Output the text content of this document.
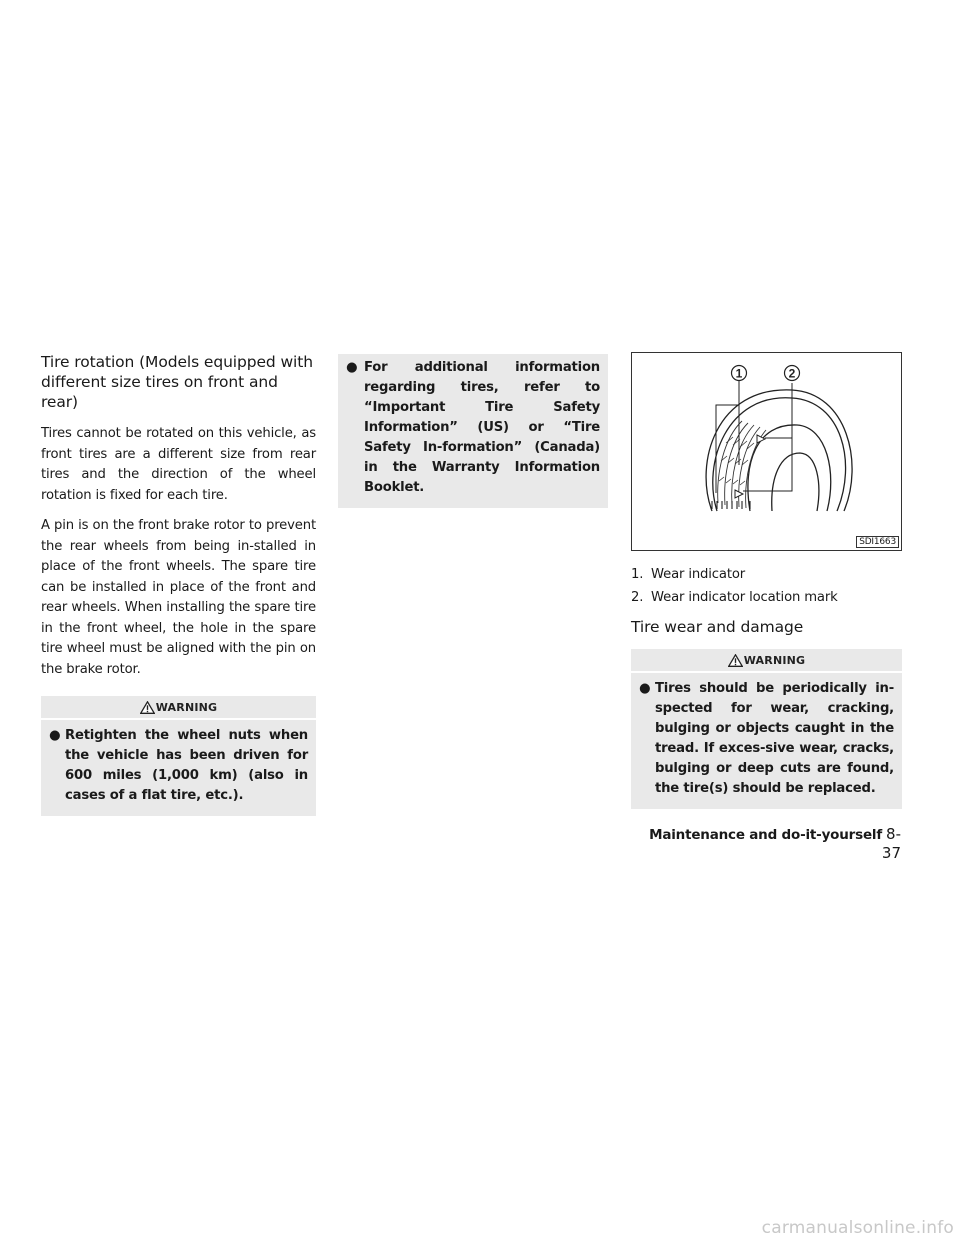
Tire rotation (Models equipped with different size tires on front and rear)

Tires cannot be rotated on this vehicle, as front tires are a different size from rear tires and the direction of the wheel rotation is fixed for each tire.

A pin is on the front brake rotor to prevent the rear wheels from being in-stalled in place of the front wheels. The spare tire can be installed in place of the front and rear wheels. When installing the spare tire in the front wheel, the hole in the spare tire wheel must be aligned with the pin on the brake rotor.

WARNING
● Retighten the wheel nuts when the vehicle has been driven for 600 miles (1,000 km) (also in cases of a flat tire, etc.).
● For additional information regarding tires, refer to “Important Tire Safety Information” (US) or “Tire Safety In-formation” (Canada) in the Warranty Information Booklet.
1	2
SDI1663
1. Wear indicator
2. Wear indicator location mark
Tire wear and damage
WARNING
● Tires should be periodically in-spected for wear, cracking, bulging or objects caught in the tread. If exces-sive wear, cracks, bulging or deep cuts are found, the tire(s) should be replaced.
Maintenance and do-it-yourself 8-37
carmanualsonline.info
